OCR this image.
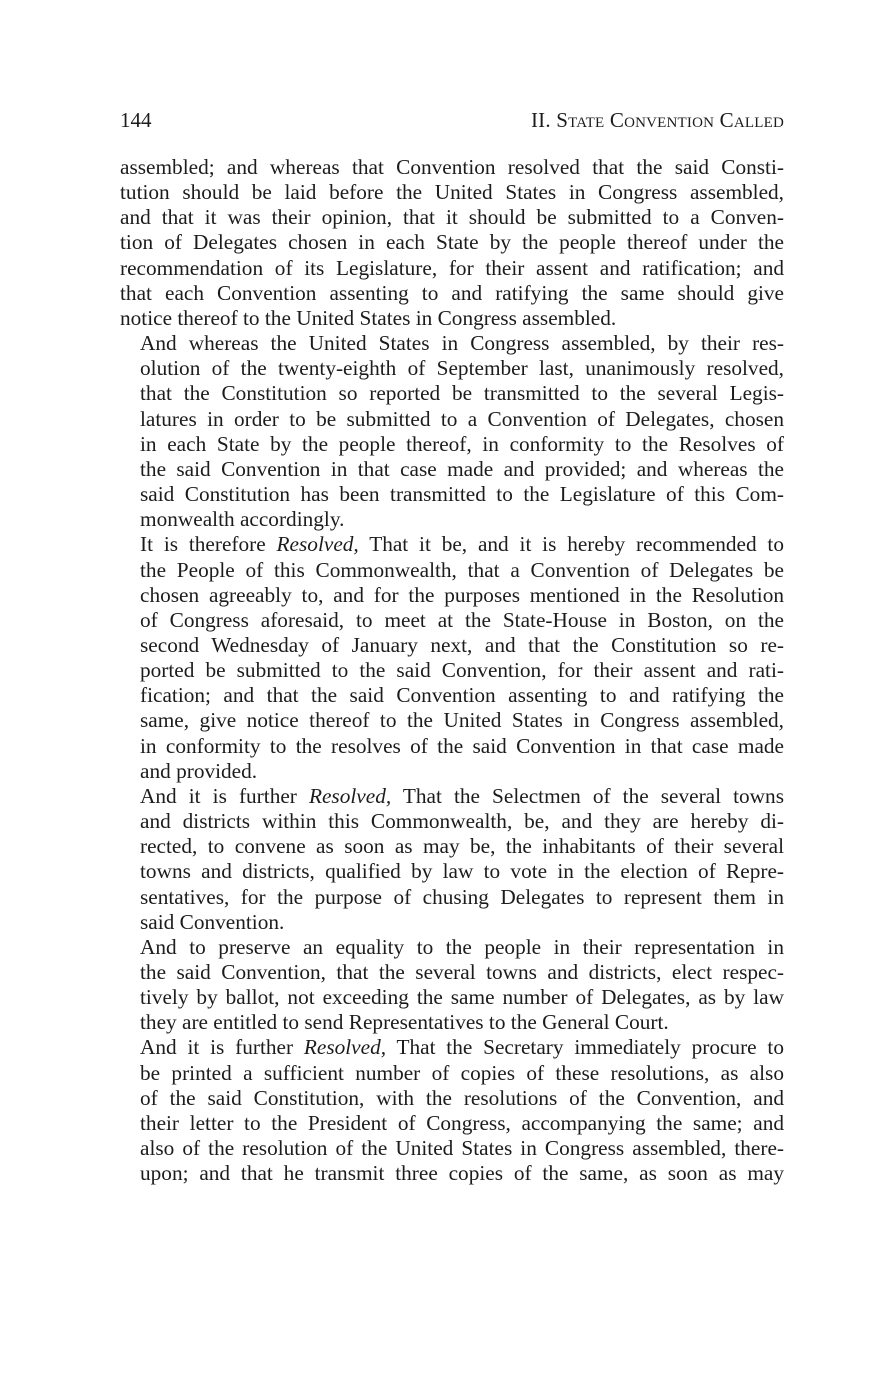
144	II. State Convention Called

assembled; and whereas that Convention resolved that the said Consti-
tution should be laid before the United States in Congress assembled,
and that it was their opinion, that it should be submitted to a Conven-
tion of Delegates chosen in each State by the people thereof under the
recommendation of its Legislature, for their assent and ratification; and
that each Convention assenting to and ratifying the same should give
notice thereof to the United States in Congress assembled.

And whereas the United States in Congress assembled, by their res-
olution of the twenty-eighth of September last, unanimously resolved,
that the Constitution so reported be transmitted to the several Legis-
latures in order to be submitted to a Convention of Delegates, chosen
in each State by the people thereof, in conformity to the Resolves of
the said Convention in that case made and provided; and whereas the
said Constitution has been transmitted to the Legislature of this Com-
monwealth accordingly.

It is therefore Resolved, That it be, and it is hereby recommended to
the People of this Commonwealth, that a Convention of Delegates be
chosen agreeably to, and for the purposes mentioned in the Resolution
of Congress aforesaid, to meet at the State-House in Boston, on the
second Wednesday of January next, and that the Constitution so re-
ported be submitted to the said Convention, for their assent and rati-
fication; and that the said Convention assenting to and ratifying the
same, give notice thereof to the United States in Congress assembled,
in conformity to the resolves of the said Convention in that case made
and provided.

And it is further Resolved, That the Selectmen of the several towns
and districts within this Commonwealth, be, and they are hereby di-
rected, to convene as soon as may be, the inhabitants of their several
towns and districts, qualified by law to vote in the election of Repre-
sentatives, for the purpose of chusing Delegates to represent them in
said Convention.

And to preserve an equality to the people in their representation in
the said Convention, that the several towns and districts, elect respec-
tively by ballot, not exceeding the same number of Delegates, as by law
they are entitled to send Representatives to the General Court.

And it is further Resolved, That the Secretary immediately procure to
be printed a sufficient number of copies of these resolutions, as also
of the said Constitution, with the resolutions of the Convention, and
their letter to the President of Congress, accompanying the same; and
also of the resolution of the United States in Congress assembled, there-
upon; and that he transmit three copies of the same, as soon as may
